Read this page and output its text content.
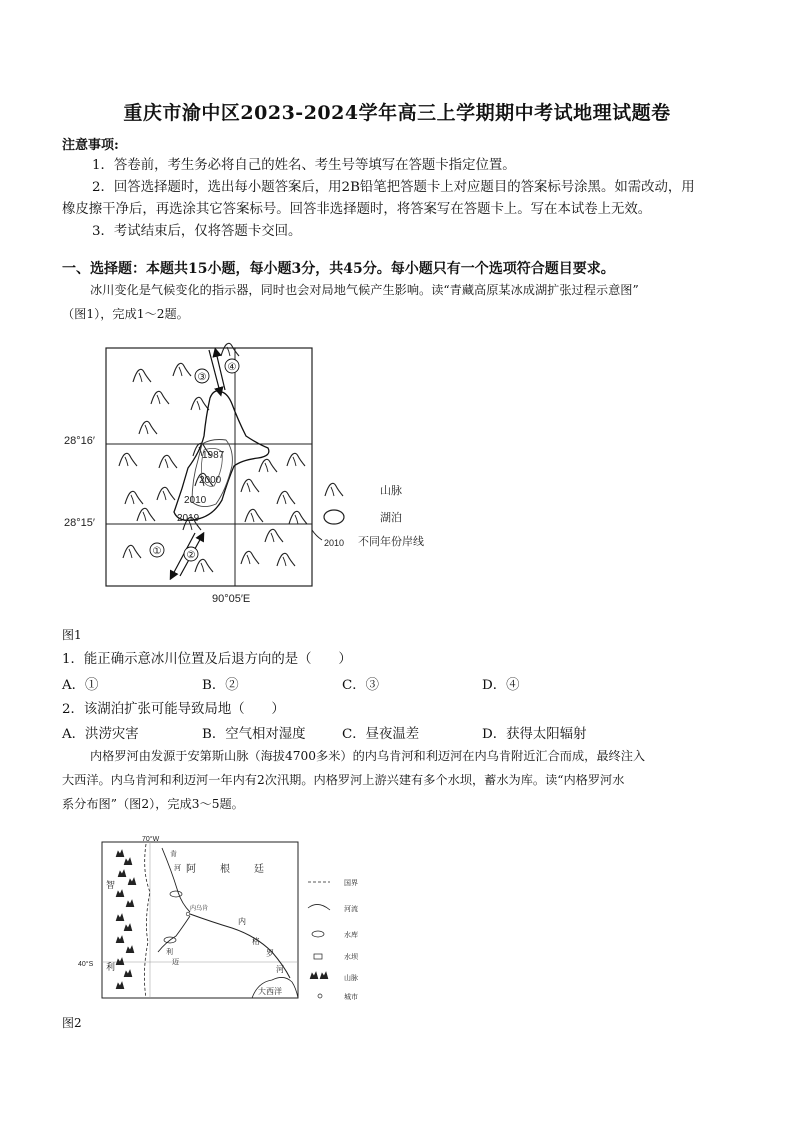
重庆市渝中区2023-2024学年高三上学期期中考试地理试题卷
注意事项:
1．答卷前，考生务必将自己的姓名、考生号等填写在答题卡指定位置。
2．回答选择题时，选出每小题答案后，用2B铅笔把答题卡上对应题目的答案标号涂黑。如需改动，用
橡皮擦干净后，再选涂其它答案标号。回答非选择题时，将答案写在答题卡上。写在本试卷上无效。
3．考试结束后，仅将答题卡交回。
一、选择题：本题共15小题，每小题3分，共45分。每小题只有一个选项符合题目要求。
冰川变化是气候变化的指示器，同时也会对局地气候产生影响。读“青藏高原某冰成湖扩张过程示意图”
（图1），完成1～2题。
28°16′
28°15′
90°05′E
1987
2000
2010
2019
①	②
③
④
山脉
湖泊
2010 不同年份岸线
图1
1．能正确示意冰川位置及后退方向的是（　　）
A．①	B．②	C．③	D．④
2．该湖泊扩张可能导致局地（　　）
A．洪涝灾害	B．空气相对湿度	C．昼夜温差	D．获得太阳辐射
内格罗河由发源于安第斯山脉（海拔4700多米）的内乌肯河和利迈河在内乌肯附近汇合而成，最终注入
大西洋。内乌肯河和利迈河一年内有2次汛期。内格罗河上游兴建有多个水坝，蓄水为库。读“内格罗河水
系分布图”（图2），完成3～5题。
70°W
40°S
智
利
阿 根 廷
肯
河
利
迈
内乌肯
内
格
罗
河
大西洋
国界
河流
水库
水坝
山脉
城市
图2
